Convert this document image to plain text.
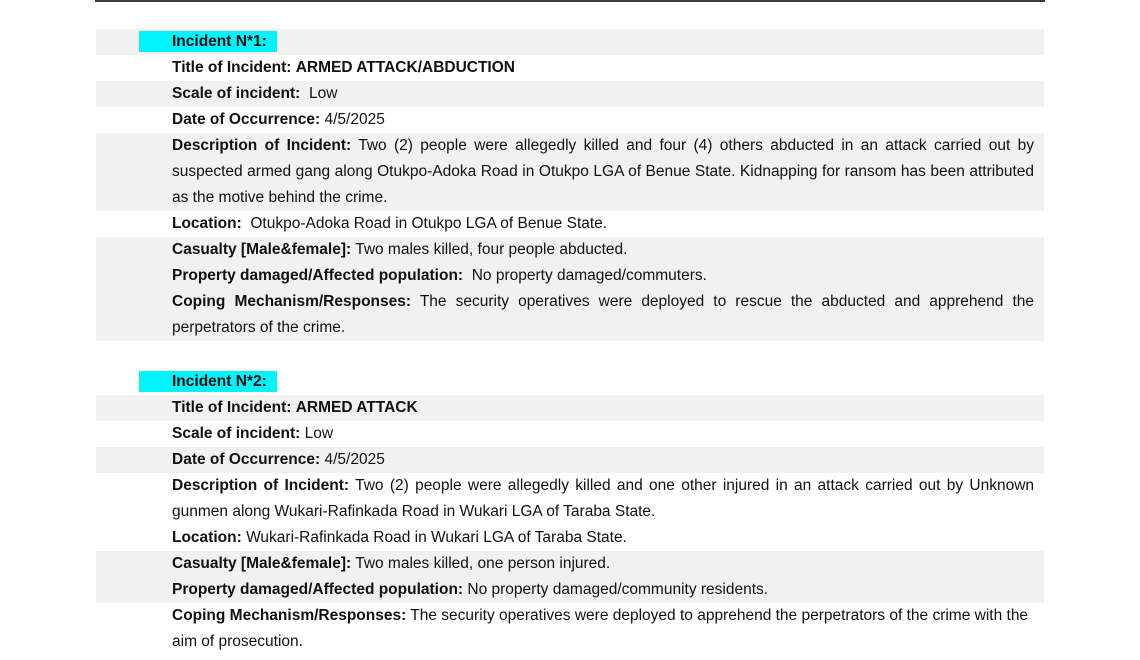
Incident N*1:
Title of Incident: ARMED ATTACK/ABDUCTION
Scale of incident: Low
Date of Occurrence: 4/5/2025
Description of Incident: Two (2) people were allegedly killed and four (4) others abducted in an attack carried out by suspected armed gang along Otukpo-Adoka Road in Otukpo LGA of Benue State. Kidnapping for ransom has been attributed as the motive behind the crime.
Location: Otukpo-Adoka Road in Otukpo LGA of Benue State.
Casualty [Male&female]: Two males killed, four people abducted.
Property damaged/Affected population: No property damaged/commuters.
Coping Mechanism/Responses: The security operatives were deployed to rescue the abducted and apprehend the perpetrators of the crime.
Incident N*2:
Title of Incident: ARMED ATTACK
Scale of incident: Low
Date of Occurrence: 4/5/2025
Description of Incident: Two (2) people were allegedly killed and one other injured in an attack carried out by Unknown gunmen along Wukari-Rafinkada Road in Wukari LGA of Taraba State.
Location: Wukari-Rafinkada Road in Wukari LGA of Taraba State.
Casualty [Male&female]: Two males killed, one person injured.
Property damaged/Affected population: No property damaged/community residents.
Coping Mechanism/Responses: The security operatives were deployed to apprehend the perpetrators of the crime with the aim of prosecution.
